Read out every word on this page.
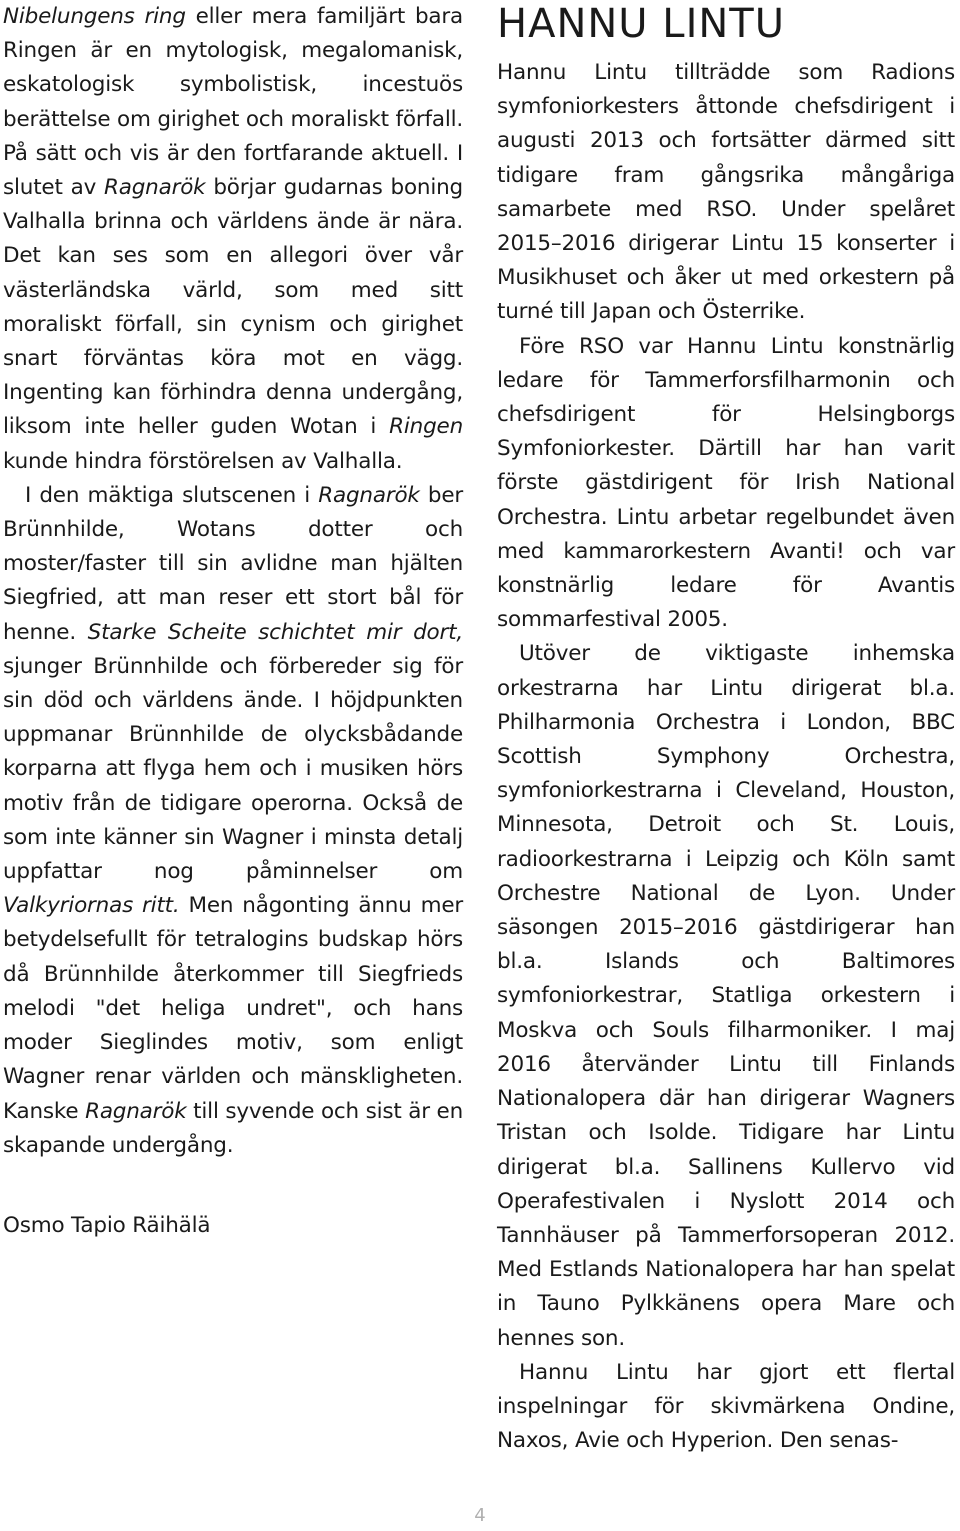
Nibelungens ring eller mera familjärt bara Ringen är en mytologisk, megalomanisk, eskatologisk symbolistisk, incestuös berättelse om girighet och moraliskt förfall. På sätt och vis är den fortfarande aktuell. I slutet av Ragnarök börjar gudarnas boning Valhalla brinna och världens ände är nära. Det kan ses som en allegori över vår västerländska värld, som med sitt moraliskt förfall, sin cynism och girighet snart förväntas köra mot en vägg. Ingenting kan förhindra denna undergång, liksom inte heller guden Wotan i Ringen kunde hindra förstörelsen av Valhalla.

I den mäktiga slutscenen i Ragnarök ber Brünnhilde, Wotans dotter och moster/faster till sin avlidne man hjälten Siegfried, att man reser ett stort bål för henne. Starke Scheite schichtet mir dort, sjunger Brünnhilde och förbereder sig för sin död och världens ände. I höjdpunkten uppmanar Brünnhilde de olycksbådande korparna att flyga hem och i musiken hörs motiv från de tidigare operorna. Också de som inte känner sin Wagner i minsta detalj uppfattar nog påminnelser om Valkyriornas ritt. Men någonting ännu mer betydelsefullt för tetralogins budskap hörs då Brünnhilde återkommer till Siegfrieds melodi "det heliga undret", och hans moder Sieglindes motiv, som enligt Wagner renar världen och mänskligheten. Kanske Ragnarök till syvende och sist är en skapande undergång.

Osmo Tapio Räihälä

HANNU LINTU

Hannu Lintu tillträdde som Radions symfoniorkesters åttonde chefsdirigent i augusti 2013 och fortsätter därmed sitt tidigare fram gångsrika mångåriga samarbete med RSO. Under spelåret 2015–2016 dirigerar Lintu 15 konserter i Musikhuset och åker ut med orkestern på turné till Japan och Österrike.

Före RSO var Hannu Lintu konstnärlig ledare för Tammerforsfilharmonin och chefsdirigent för Helsingborgs Symfoniorkester. Därtill har han varit förste gästdirigent för Irish National Orchestra. Lintu arbetar regelbundet även med kammarorkestern Avanti! och var konstnärlig ledare för Avantis sommarfestival 2005.

Utöver de viktigaste inhemska orkestrarna har Lintu dirigerat bl.a. Philharmonia Orchestra i London, BBC Scottish Symphony Orchestra, symfoniorkestrarna i Cleveland, Houston, Minnesota, Detroit och St. Louis, radioorkestrarna i Leipzig och Köln samt Orchestre National de Lyon. Under säsongen 2015–2016 gästdirigerar han bl.a. Islands och Baltimores symfoniorkestrar, Statliga orkestern i Moskva och Souls filharmoniker. I maj 2016 återvänder Lintu till Finlands Nationalopera där han dirigerar Wagners Tristan och Isolde. Tidigare har Lintu dirigerat bl.a. Sallinens Kullervo vid Operafestivalen i Nyslott 2014 och Tannhäuser på Tammerforsoperan 2012. Med Estlands Nationalopera har han spelat in Tauno Pylkkänens opera Mare och hennes son.

Hannu Lintu har gjort ett flertal inspelningar för skivmärkena Ondine, Naxos, Avie och Hyperion. Den senas-

4
